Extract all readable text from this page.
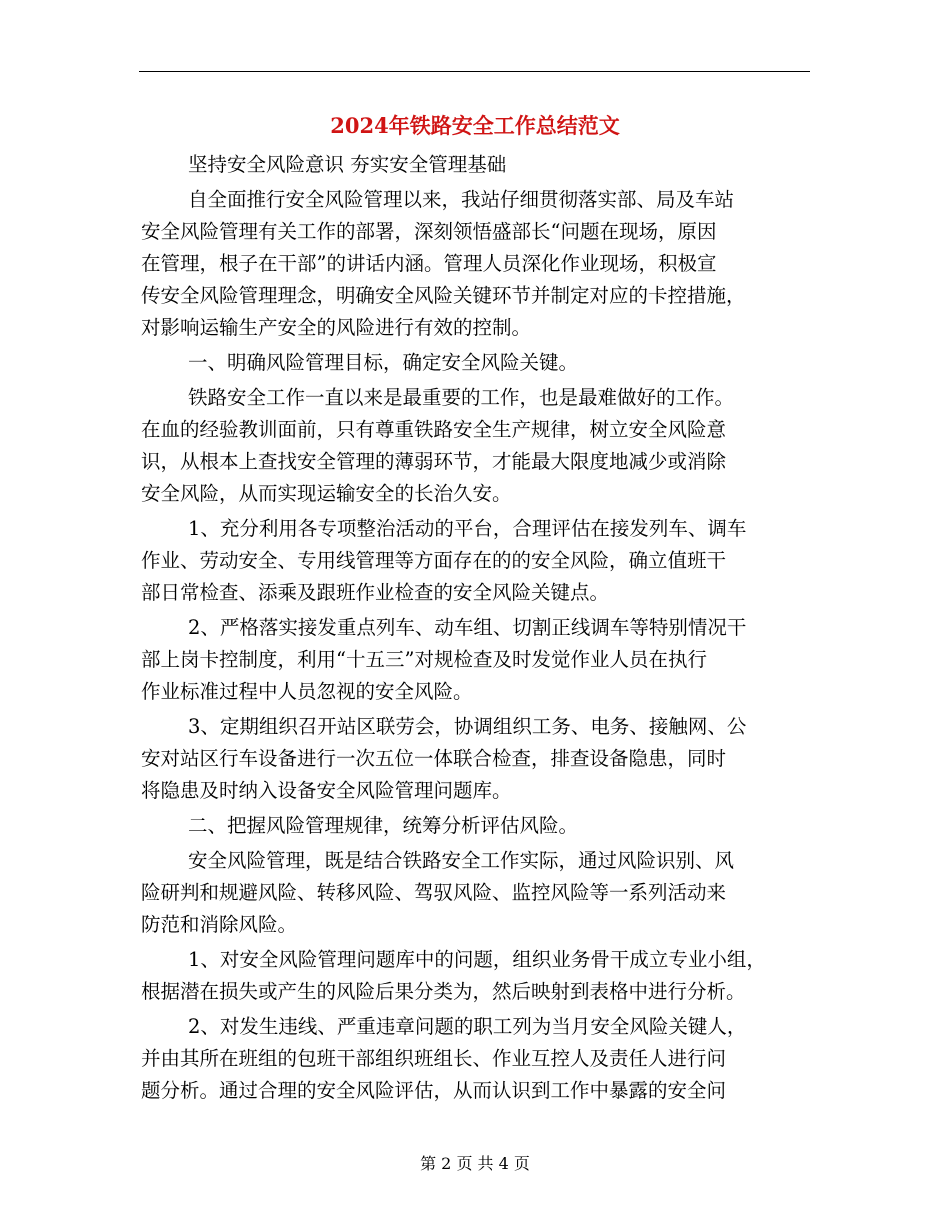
2024年铁路安全工作总结范文
坚持安全风险意识 夯实安全管理基础
自全面推行安全风险管理以来，我站仔细贯彻落实部、局及车站
安全风险管理有关工作的部署，深刻领悟盛部长“问题在现场，原因
在管理，根子在干部”的讲话内涵。管理人员深化作业现场，积极宣
传安全风险管理理念，明确安全风险关键环节并制定对应的卡控措施，
对影响运输生产安全的风险进行有效的控制。
一、明确风险管理目标，确定安全风险关键。
铁路安全工作一直以来是最重要的工作，也是最难做好的工作。
在血的经验教训面前，只有尊重铁路安全生产规律，树立安全风险意
识，从根本上查找安全管理的薄弱环节，才能最大限度地减少或消除
安全风险，从而实现运输安全的长治久安。
1、充分利用各专项整治活动的平台，合理评估在接发列车、调车
作业、劳动安全、专用线管理等方面存在的的安全风险，确立值班干
部日常检查、添乘及跟班作业检查的安全风险关键点。
2、严格落实接发重点列车、动车组、切割正线调车等特别情况干
部上岗卡控制度，利用“十五三”对规检查及时发觉作业人员在执行
作业标准过程中人员忽视的安全风险。
3、定期组织召开站区联劳会，协调组织工务、电务、接触网、公
安对站区行车设备进行一次五位一体联合检查，排查设备隐患，同时
将隐患及时纳入设备安全风险管理问题库。
二、把握风险管理规律，统筹分析评估风险。
安全风险管理，既是结合铁路安全工作实际，通过风险识别、风
险研判和规避风险、转移风险、驾驭风险、监控风险等一系列活动来
防范和消除风险。
1、对安全风险管理问题库中的问题，组织业务骨干成立专业小组，
根据潜在损失或产生的风险后果分类为，然后映射到表格中进行分析。
2、对发生违线、严重违章问题的职工列为当月安全风险关键人，
并由其所在班组的包班干部组织班组长、作业互控人及责任人进行问
题分析。通过合理的安全风险评估，从而认识到工作中暴露的安全问
第 2 页 共 4 页
